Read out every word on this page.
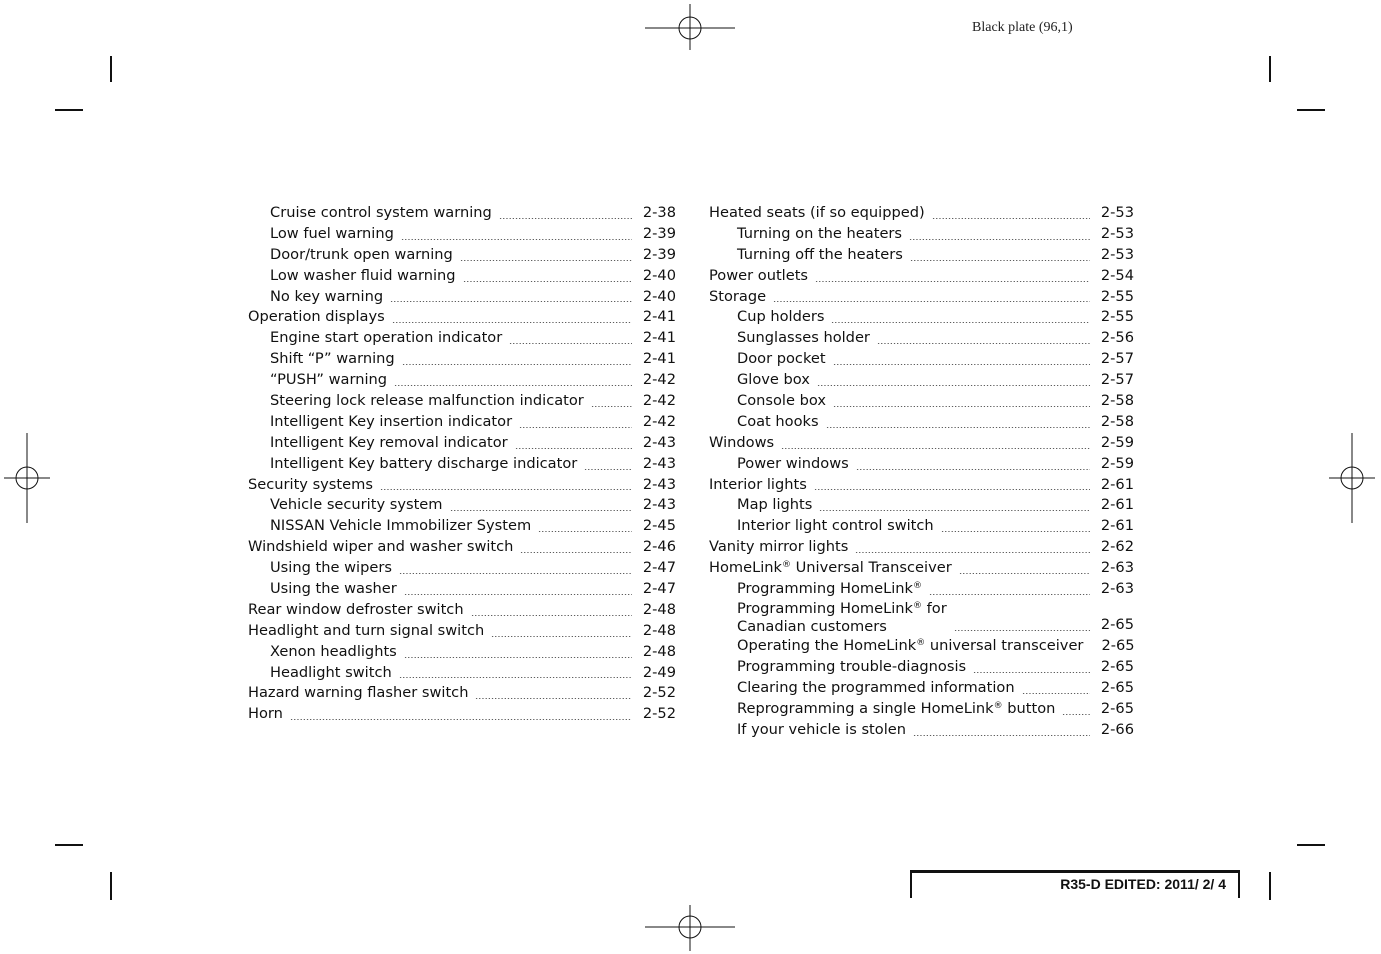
Black plate (96,1)
Cruise control system warning	2-38
Low fuel warning	2-39
Door/trunk open warning	2-39
Low washer fluid warning	2-40
No key warning	2-40
Operation displays	2-41
Engine start operation indicator	2-41
Shift “P” warning	2-41
“PUSH” warning	2-42
Steering lock release malfunction indicator	2-42
Intelligent Key insertion indicator	2-42
Intelligent Key removal indicator	2-43
Intelligent Key battery discharge indicator	2-43
Security systems	2-43
Vehicle security system	2-43
NISSAN Vehicle Immobilizer System	2-45
Windshield wiper and washer switch	2-46
Using the wipers	2-47
Using the washer	2-47
Rear window defroster switch	2-48
Headlight and turn signal switch	2-48
Xenon headlights	2-48
Headlight switch	2-49
Hazard warning flasher switch	2-52
Horn	2-52
Heated seats (if so equipped)	2-53
Turning on the heaters	2-53
Turning off the heaters	2-53
Power outlets	2-54
Storage	2-55
Cup holders	2-55
Sunglasses holder	2-56
Door pocket	2-57
Glove box	2-57
Console box	2-58
Coat hooks	2-58
Windows	2-59
Power windows	2-59
Interior lights	2-61
Map lights	2-61
Interior light control switch	2-61
Vanity mirror lights	2-62
HomeLink® Universal Transceiver	2-63
Programming HomeLink®	2-63
Programming HomeLink® for
Canadian customers	2-65
Operating the HomeLink® universal transceiver 2-65
Programming trouble-diagnosis	2-65
Clearing the programmed information	2-65
Reprogramming a single HomeLink® button	2-65
If your vehicle is stolen	2-66
R35-D EDITED: 2011/ 2/ 4
